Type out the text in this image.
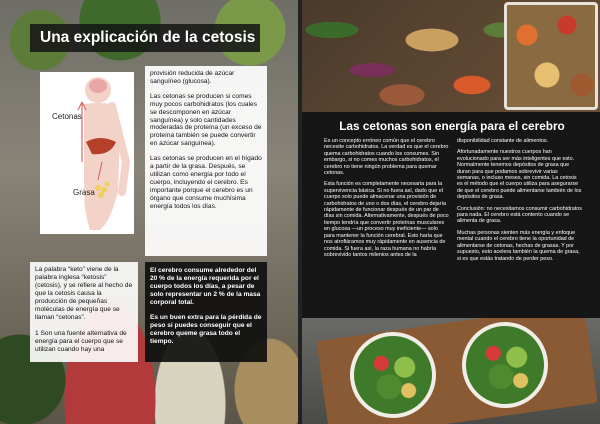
Una explicación de la cetosis
Cetonas
Grasa

provisión reducida de azúcar sanguíneo (glucosa).

Las cetonas se producen si comes muy pocos carbohidratos (los cuales se descomponen en azúcar sanguínea) y solo cantidades moderadas de proteína (un exceso de proteína también se puede convertir en azúcar sanguínea).

Las cetonas se producen en el hígado a partir de la grasa. Después, se utilizan como energía por todo el cuerpo, incluyendo el cerebro. Es importante porque el cerebro es un órgano que consume muchísima energía todos los días.

La palabra “keto” viene de la palabra inglesa “ketosis” (cetosis), y se refiere al hecho de que la cetosis causa la producción de pequeñas moléculas de energía que se llaman “cetonas”.

1 Son una fuente alternativa de energía para el cuerpo que se utilizan cuando hay una

El cerebro consume alrededor del 20 % de la energía requerida por el cuerpo todos los días, a pesar de solo representar un 2 % de la masa corporal total.

Es un buen extra para la pérdida de peso si puedes conseguir que el cerebro queme grasa todo el tiempo.

Las cetonas son energía para el cerebro

Es un concepto erróneo común que el cerebro necesite carbohidratos. La verdad es que el cerebro quema carbohidratos cuando los consumes. Sin embargo, si no comes muchos carbohidratos, el cerebro no tiene ningún problema para quemar cetonas.

Esta función es completamente necesaria para la supervivencia básica. Si no fuera así, dado que el cuerpo solo puede almacenar una provisión de carbohidratos de uno o dos días, el cerebro dejaría rápidamente de funcionar después de un par de días sin comida. Alternativamente, después de poco tiempo tendría que convertir proteínas musculares en glucosa —un proceso muy ineficiente— solo para mantener la función cerebral. Esto haría que nos atrofiáramos muy rápidamente en ausencia de comida. Si fuera así, la raza humana no habría sobrevivido tantos milenios antes de la

disponibilidad constante de alimentos.

Afortunadamente nuestros cuerpos han evolucionado para ser más inteligentes que esto. Normalmente tenemos depósitos de grasa que duran para que podamos sobrevivir varias semanas, o incluso meses, sin comida. La cetosis es el método que el cuerpo utiliza para asegurarse de que el cerebro puede alimentarse también de los depósitos de grasa.

Conclusión: no necesitamos consumir carbohidratos para nada. El cerebro está contento cuando se alimenta de grasa.

Muchas personas sienten más energía y enfoque mental cuando el cerebro tiene la oportunidad de alimentarse de cetonas, hechas de grasas. Y por supuesto, esto acelera también la quema de grasa, si es que estás tratando de perder peso.
